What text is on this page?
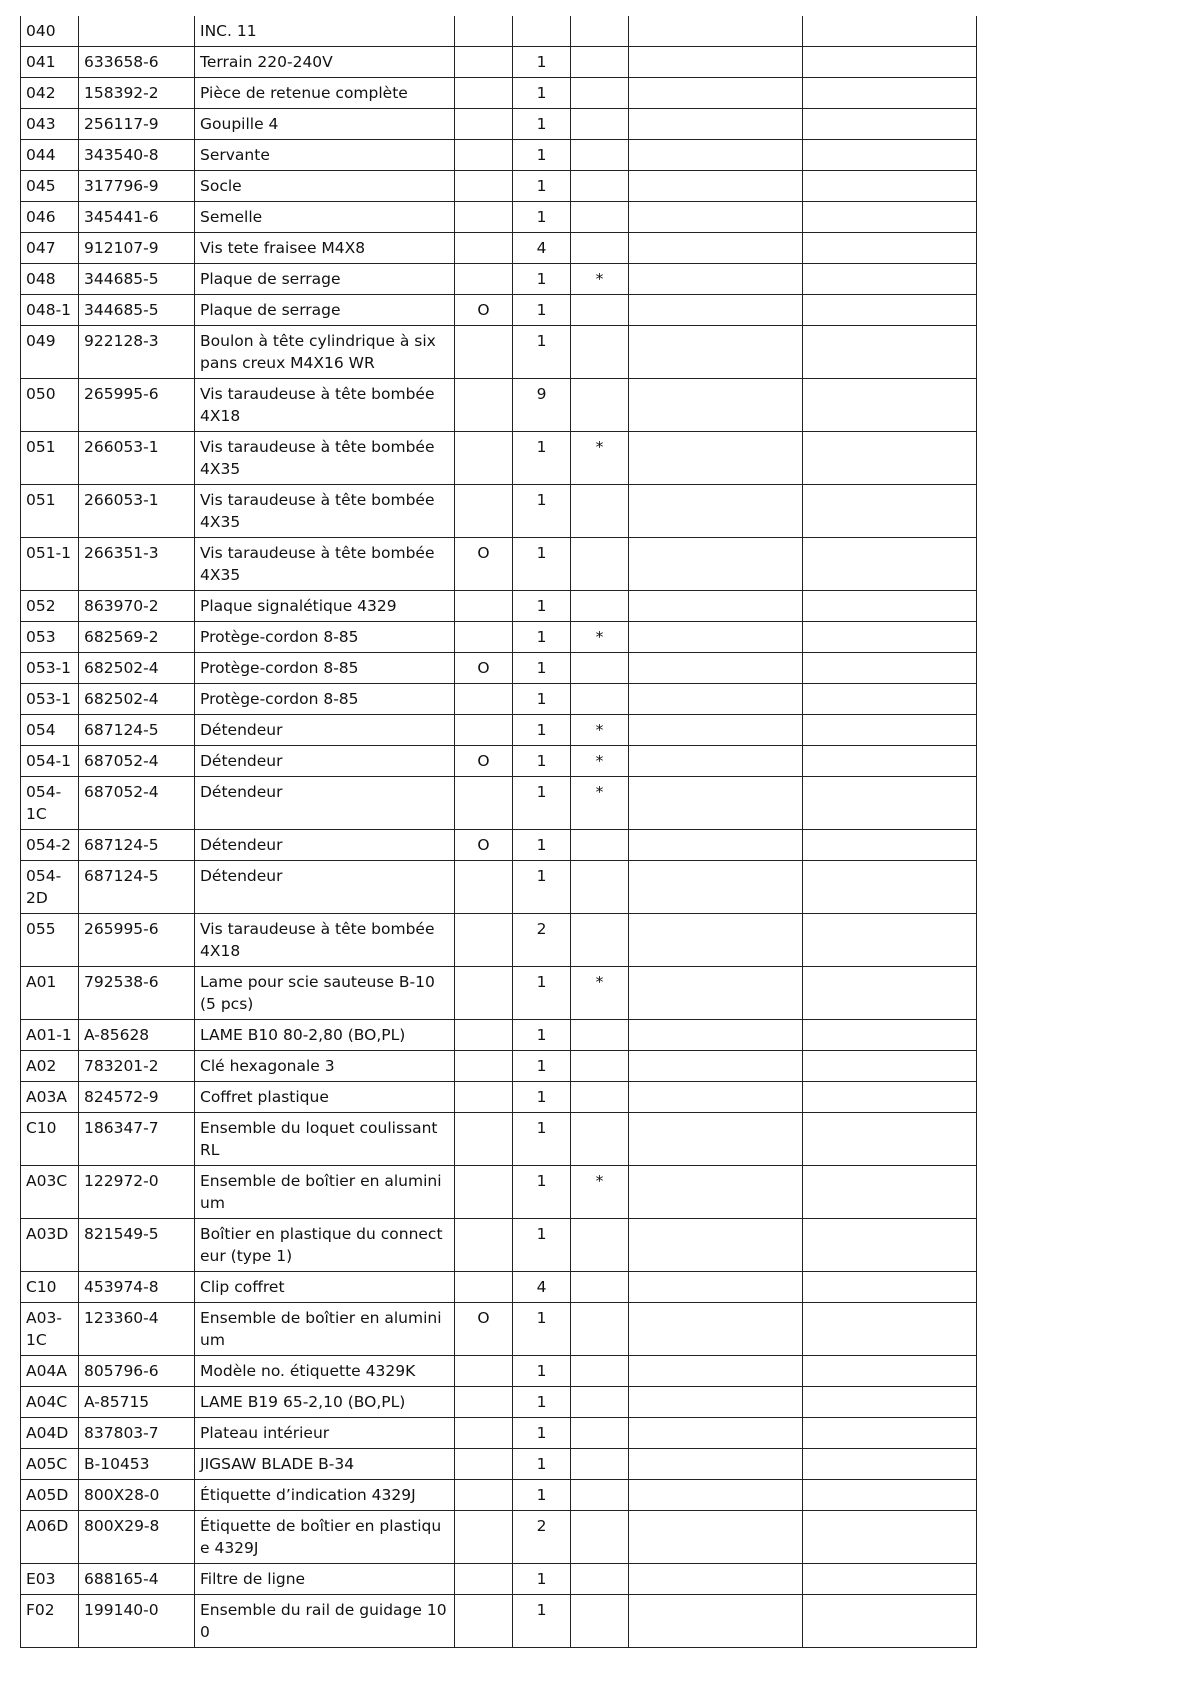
040		INC. 11					
041	633658-6	Terrain 220-240V		1			
042	158392-2	Pièce de retenue complète		1			
043	256117-9	Goupille 4		1			
044	343540-8	Servante		1			
045	317796-9	Socle		1			
046	345441-6	Semelle		1			
047	912107-9	Vis tete fraisee M4X8		4			
048	344685-5	Plaque de serrage		1	*		
048-1	344685-5	Plaque de serrage	O	1			
049	922128-3	Boulon à tête cylindrique à six pans creux M4X16 WR		1			
050	265995-6	Vis taraudeuse à tête bombée 4X18		9			
051	266053-1	Vis taraudeuse à tête bombée 4X35		1	*		
051	266053-1	Vis taraudeuse à tête bombée 4X35		1			
051-1	266351-3	Vis taraudeuse à tête bombée 4X35	O	1			
052	863970-2	Plaque signalétique 4329		1			
053	682569-2	Protège-cordon 8-85		1	*		
053-1	682502-4	Protège-cordon 8-85	O	1			
053-1	682502-4	Protège-cordon 8-85		1			
054	687124-5	Détendeur		1	*		
054-1	687052-4	Détendeur	O	1	*		
054-1C	687052-4	Détendeur		1	*		
054-2	687124-5	Détendeur	O	1			
054-2D	687124-5	Détendeur		1			
055	265995-6	Vis taraudeuse à tête bombée 4X18		2			
A01	792538-6	Lame pour scie sauteuse B-10 (5 pcs)		1	*		
A01-1	A-85628	LAME B10 80-2,80 (BO,PL)		1			
A02	783201-2	Clé hexagonale 3		1			
A03A	824572-9	Coffret plastique		1			
C10	186347-7	Ensemble du loquet coulissant RL		1			
A03C	122972-0	Ensemble de boîtier en aluminium		1	*		
A03D	821549-5	Boîtier en plastique du connecteur (type 1)		1			
C10	453974-8	Clip coffret		4			
A03-1C	123360-4	Ensemble de boîtier en aluminium	O	1			
A04A	805796-6	Modèle no. étiquette 4329K		1			
A04C	A-85715	LAME B19 65-2,10 (BO,PL)		1			
A04D	837803-7	Plateau intérieur		1			
A05C	B-10453	JIGSAW BLADE B-34		1			
A05D	800X28-0	Étiquette d’indication 4329J		1			
A06D	800X29-8	Étiquette de boîtier en plastique 4329J		2			
E03	688165-4	Filtre de ligne		1			
F02	199140-0	Ensemble du rail de guidage 100		1			
